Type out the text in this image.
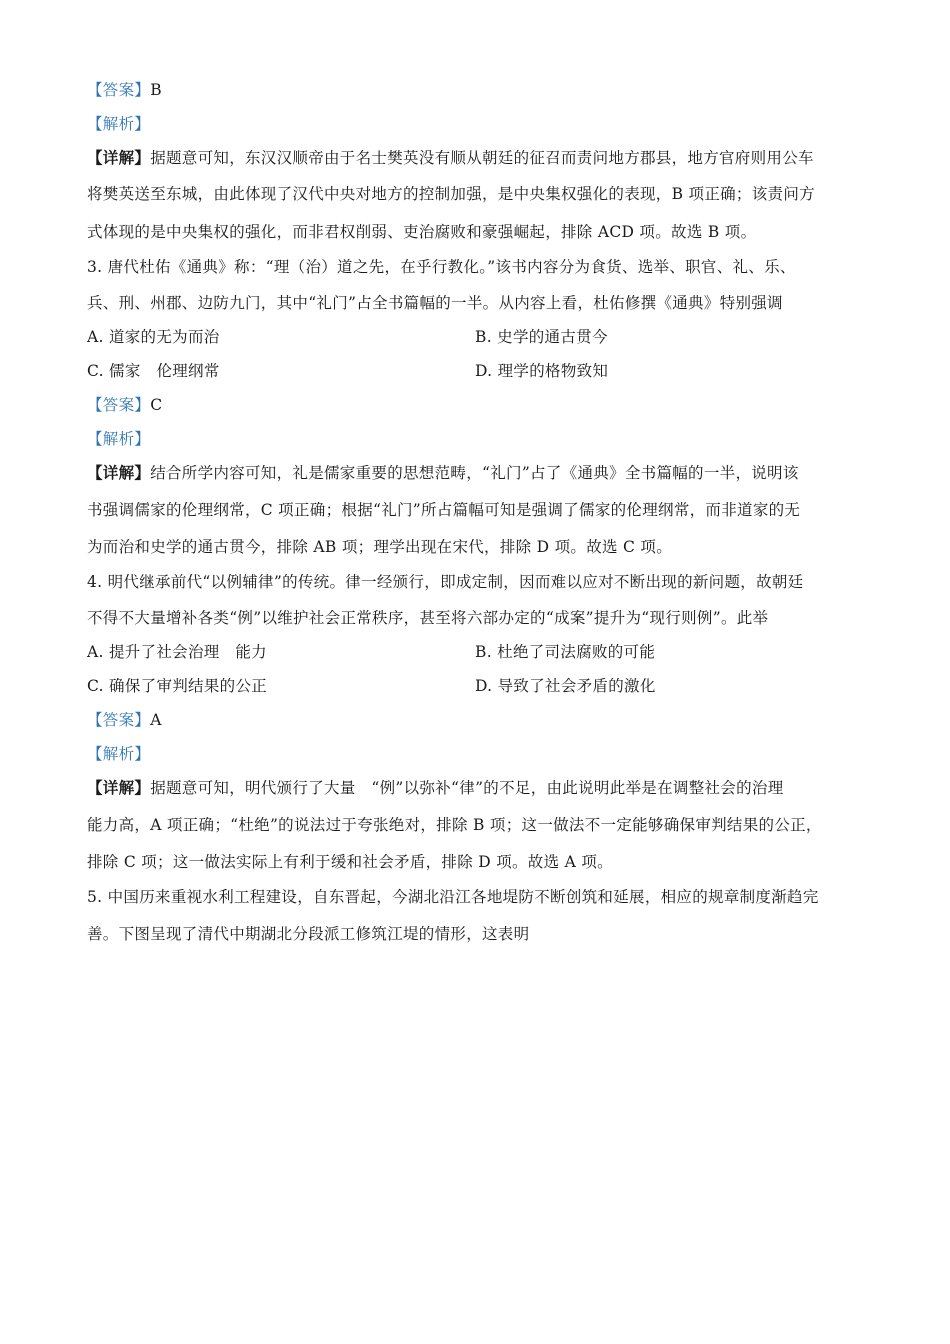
【答案】B
【解析】
【详解】据题意可知，东汉汉顺帝由于名士樊英没有顺从朝廷的征召而责问地方郡县，地方官府则用公车
将樊英送至东城，由此体现了汉代中央对地方的控制加强，是中央集权强化的表现，B 项正确；该责问方
式体现的是中央集权的强化，而非君权削弱、吏治腐败和豪强崛起，排除 ACD 项。故选 B 项。
3. 唐代杜佑《通典》称：“理（治）道之先，在乎行教化。”该书内容分为食货、选举、职官、礼、乐、
兵、刑、州郡、边防九门，其中“礼门”占全书篇幅的一半。从内容上看，杜佑修撰《通典》特别强调
A. 道家的无为而治	B. 史学的通古贯今
C. 儒家　伦理纲常	D. 理学的格物致知
【答案】C
【解析】
【详解】结合所学内容可知，礼是儒家重要的思想范畴，“礼门”占了《通典》全书篇幅的一半，说明该
书强调儒家的伦理纲常，C 项正确；根据“礼门”所占篇幅可知是强调了儒家的伦理纲常，而非道家的无
为而治和史学的通古贯今，排除 AB 项；理学出现在宋代，排除 D 项。故选 C 项。
4. 明代继承前代“以例辅律”的传统。律一经颁行，即成定制，因而难以应对不断出现的新问题，故朝廷
不得不大量增补各类“例”以维护社会正常秩序，甚至将六部办定的“成案”提升为“现行则例”。此举
A. 提升了社会治理　能力	B. 杜绝了司法腐败的可能
C. 确保了审判结果的公正	D. 导致了社会矛盾的激化
【答案】A
【解析】
【详解】据题意可知，明代颁行了大量　“例”以弥补“律”的不足，由此说明此举是在调整社会的治理
能力高，A 项正确；“杜绝”的说法过于夸张绝对，排除 B 项；这一做法不一定能够确保审判结果的公正，
排除 C 项；这一做法实际上有利于缓和社会矛盾，排除 D 项。故选 A 项。
5. 中国历来重视水利工程建设，自东晋起，今湖北沿江各地堤防不断创筑和延展，相应的规章制度渐趋完
善。下图呈现了清代中期湖北分段派工修筑江堤的情形，这表明
